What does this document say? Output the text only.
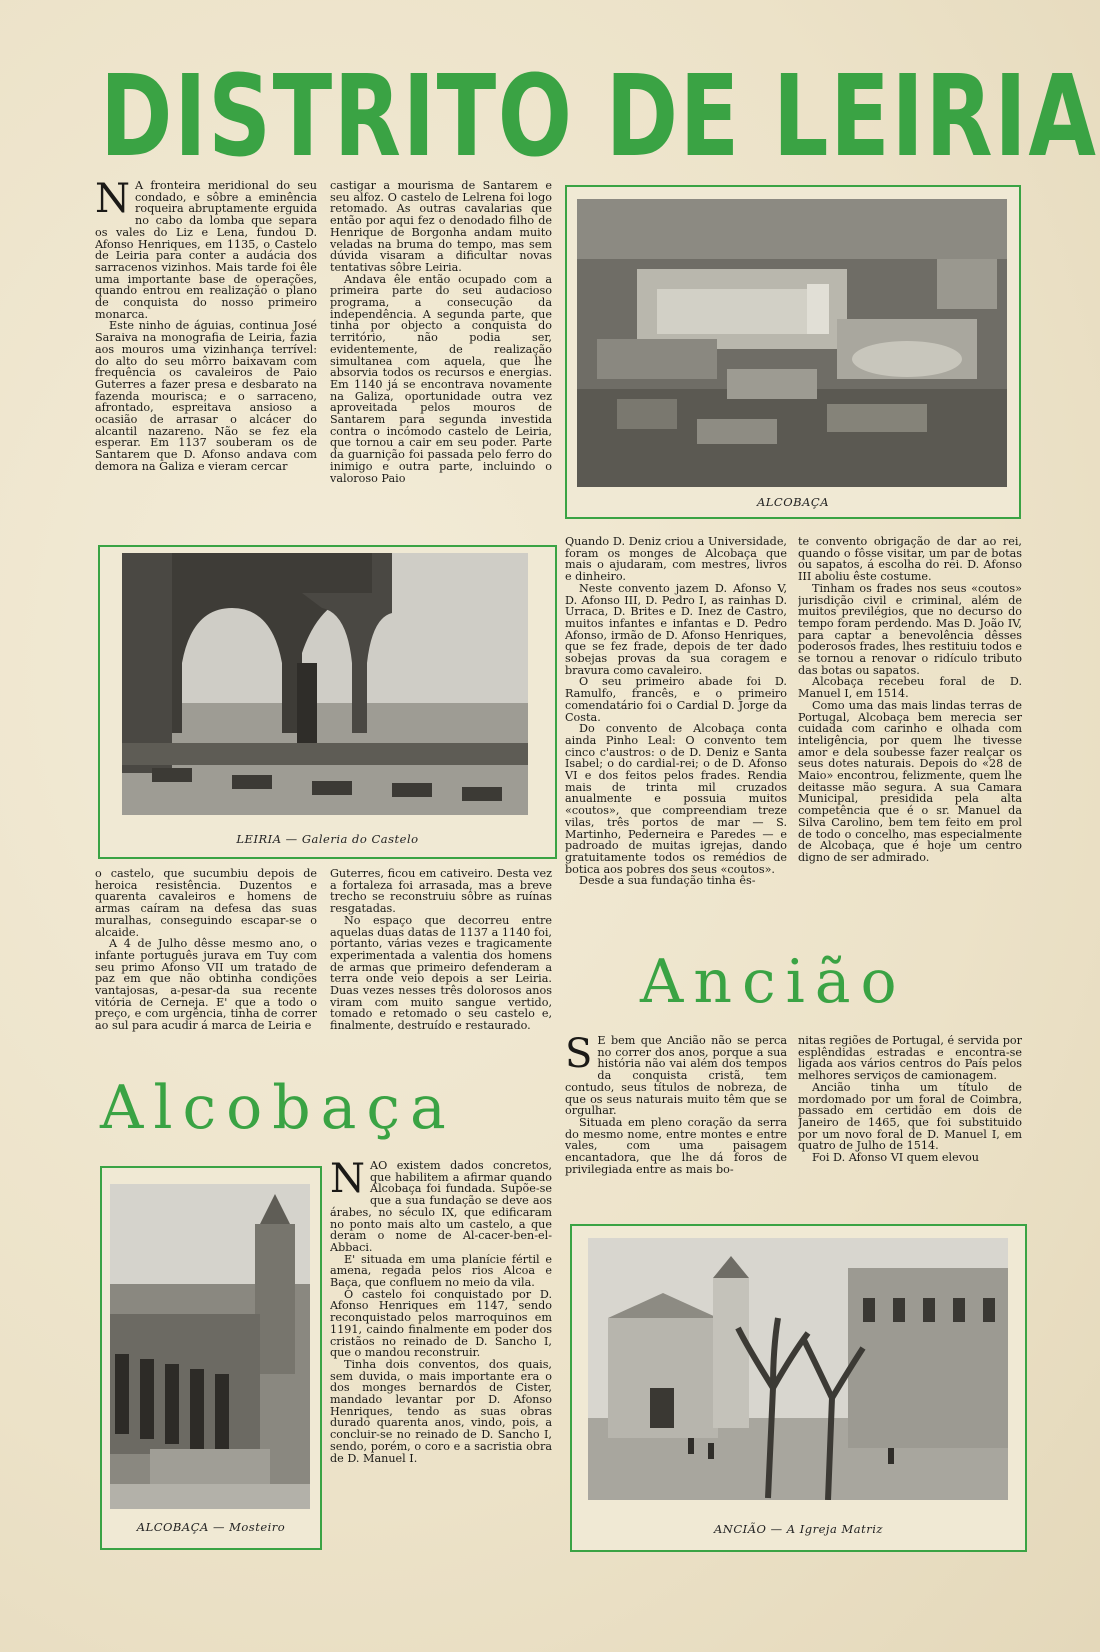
DISTRITO DE LEIRIA
N A fronteira meridional do seu condado, e sôbre a eminência roqueira abruptamente erguida no cabo da lomba que separa os vales do Liz e Lena, fundou D. Afonso Henriques, em 1135, o Castelo de Leiria para conter a audácia dos sarracenos vizinhos. Mais tarde foi êle uma importante base de operações, quando entrou em realização o plano de conquista do nosso primeiro monarca.

Este ninho de águias, continua José Saraiva na monografia de Leiria, fazia aos mouros uma vizinhança terrível: do alto do seu môrro baixavam com frequência os cavaleiros de Paio Guterres a fazer presa e desbarato na fazenda mourisca; e o sarraceno, afrontado, espreitava ansioso a ocasião de arrasar o alcácer do alcantil nazareno. Não se fez ela esperar. Em 1137 souberam os de Santarem que D. Afonso andava com demora na Galiza e vieram cercar

castigar a mourisma de Santarem e seu alfoz. O castelo de Lelrena foi logo retomado. As outras cavalarias que então por aqui fez o denodado filho de Henrique de Borgonha andam muito veladas na bruma do tempo, mas sem dúvida visaram a dificultar novas tentativas sôbre Leiria.

Andava êle então ocupado com a primeira parte do seu audacioso programa, a consecução da independência. A segunda parte, que tinha por objecto a conquista do território, não podia ser, evidentemente, de realização simultanea com aquela, que lhe absorvia todos os recursos e energias. Em 1140 já se encontrava novamente na Galiza, oportunidade outra vez aproveitada pelos mouros de Santarem para segunda investida contra o incómodo castelo de Leiria, que tornou a cair em seu poder. Parte da guarnição foi passada pelo ferro do inimigo e outra parte, incluindo o valoroso Paio

ALCOBAÇA
LEIRIA — Galeria do Castelo

Quando D. Deniz criou a Universidade, foram os monges de Alcobaça que mais o ajudaram, com mestres, livros e dinheiro.

Neste convento jazem D. Afonso V, D. Afonso III, D. Pedro I, as rainhas D. Urraca, D. Brites e D. Inez de Castro, muitos infantes e infantas e D. Pedro Afonso, irmão de D. Afonso Henriques, que se fez frade, depois de ter dado sobejas provas da sua coragem e bravura como cavaleiro.

O seu primeiro abade foi D. Ramulfo, francês, e o primeiro comendatário foi o Cardial D. Jorge da Costa.

Do convento de Alcobaça conta ainda Pinho Leal: O convento tem cinco c'austros: o de D. Deniz e Santa Isabel; o do cardial-rei; o de D. Afonso VI e dos feitos pelos frades. Rendia mais de trinta mil cruzados anualmente e possuia muitos «coutos», que compreendiam treze vilas, três portos de mar — S. Martinho, Pederneira e Paredes — e padroado de muitas igrejas, dando gratuitamente todos os remédios de botica aos pobres dos seus «coutos».

Desde a sua fundação tinha ês-

te convento obrigação de dar ao rei, quando o fôsse visitar, um par de botas ou sapatos, á escolha do rei. D. Afonso III aboliu êste costume.

Tinham os frades nos seus «coutos» jurisdição civil e criminal, além de muitos previlégios, que no decurso do tempo foram perdendo. Mas D. João IV, para captar a benevolência dêsses poderosos frades, lhes restituiu todos e se tornou a renovar o ridículo tributo das botas ou sapatos.

Alcobaça recebeu foral de D. Manuel I, em 1514.

Como uma das mais lindas terras de Portugal, Alcobaça bem merecia ser cuidada com carinho e olhada com inteligência, por quem lhe tivesse amor e dela soubesse fazer realçar os seus dotes naturais. Depois do «28 de Maio» encontrou, felizmente, quem lhe deitasse mão segura. A sua Camara Municipal, presidida pela alta competência que é o sr. Manuel da Silva Carolino, bem tem feito em prol de todo o concelho, mas especialmente de Alcobaça, que é hoje um centro digno de ser admirado.

o castelo, que sucumbiu depois de heroica resistência. Duzentos e quarenta cavaleiros e homens de armas caíram na defesa das suas muralhas, conseguindo escapar-se o alcaide.

A 4 de Julho dêsse mesmo ano, o infante português jurava em Tuy com seu primo Afonso VII um tratado de paz em que não obtinha condições vantajosas, a-pesar-da sua recente vitória de Cerneja. E' que a todo o preço, e com urgência, tinha de correr ao sul para acudir á marca de Leiria e

Guterres, ficou em cativeiro. Desta vez a fortaleza foi arrasada, mas a breve trecho se reconstruiu sôbre as ruínas resgatadas.

No espaço que decorreu entre aquelas duas datas de 1137 a 1140 foi, portanto, várias vezes e tragicamente experimentada a valentia dos homens de armas que primeiro defenderam a terra onde veio depois a ser Leiria. Duas vezes nesses três dolorosos anos viram com muito sangue vertido, tomado e retomado o seu castelo e, finalmente, destruído e restaurado.

Ancião
Alcobaça
S E bem que Ancião não se perca no correr dos anos, porque a sua história não vai além dos tempos da conquista cristã, tem contudo, seus títulos de nobreza, de que os seus naturais muito têm que se orgulhar.

Situada em pleno coração da serra do mesmo nome, entre montes e entre vales, com uma paisagem encantadora, que lhe dá foros de privilegiada entre as mais bo-

nitas regiões de Portugal, é servida por esplêndidas estradas e encontra-se ligada aos vários centros do País pelos melhores serviços de camionagem.

Ancião tinha um título de mordomado por um foral de Coimbra, passado em certidão em dois de Janeiro de 1465, que foi substituido por um novo foral de D. Manuel I, em quatro de Julho de 1514.

Foi D. Afonso VI quem elevou

ALCOBAÇA — Mosteiro
N ÃO existem dados concretos, que habilitem a afirmar quando Alcobaça foi fundada. Supõe-se que a sua fundação se deve aos árabes, no século IX, que edificaram no ponto mais alto um castelo, a que deram o nome de Al-cacer-ben-el-Abbaci.

E' situada em uma planície fértil e amena, regada pelos rios Alcoa e Baça, que confluem no meio da vila.

O castelo foi conquistado por D. Afonso Henriques em 1147, sendo reconquistado pelos marroquinos em 1191, caindo finalmente em poder dos cristãos no reinado de D. Sancho I, que o mandou reconstruir.

Tinha dois conventos, dos quais, sem duvida, o mais importante era o dos monges bernardos de Cister, mandado levantar por D. Afonso Henriques, tendo as suas obras durado quarenta anos, vindo, pois, a concluir-se no reinado de D. Sancho I, sendo, porém, o coro e a sacristia obra de D. Manuel I.

ANCIÃO — A Igreja Matriz
